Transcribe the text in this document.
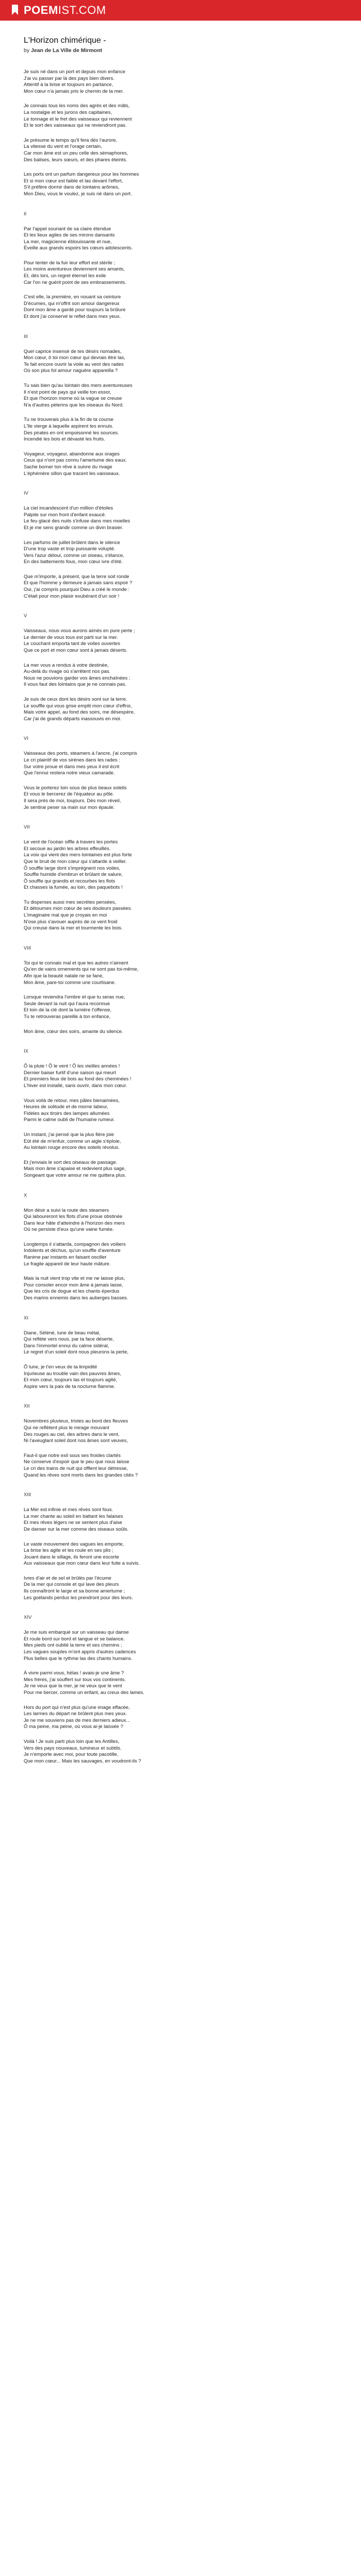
POEMIST.COM
L'Horizon chimérique -
by Jean de La Ville de Mirmont
Je suis né dans un port et depuis mon enfance
J'ai vu passer par là des pays bien divers.
Attentif à la brise et toujours en partance,
Mon cœur n'a jamais pris le chemin de la mer.
Je connais tous les noms des agrès et des mâts,
La nostalgie et les jurons des capitaines,
Le tonnage et le fret des vaisseaux qui reviennent
Et le sort des vaisseaux qui ne reviendront pas.
Je présume le temps qu'il fera dès l'aurore,
La vitesse du vent et l'orage certain,
Car mon âme est un peu celle des sémaphores,
Des balises, leurs sœurs, et des phares éteints.
Les ports ont un parfum dangereux pour les hommes
Et si mon cœur est faible et las devant l'effort,
S'il préfère dormir dans de lointains arômes,
Mon Dieu, vous le voulez, je suis né dans un port.
II
Par l'appel souriant de sa claire étendue
Et les lieux agiles de ses mirons dansants
La mer, magicienne éblouissante et nue,
Éveille aux grands espoirs les cœurs adolescents.
Pour tenter de la fuir leur effort est stérile ;
Les moins aventureux deviennent ses amants,
Et, dès lors, un regret éternel les exile
Car l'on ne guérit point de ses embrassements.
C'est elle, la première, en nouant sa ceinture
D'écumes, qui m'offrit son amour dangereux
Dont mon âme a gardé pour toujours la brûlure
Et dont j'ai conservé le reflet dans mes yeux.
III
Quel caprice insensé de tes désirs nomades,
Mon cœur, ô toi mon cœur qui devrais être las,
Te fait encore ouvrir la voile au vent des rades
Où son plus fol amour naguère appareilla ?
Tu sais bien qu'au lointain des mers aventureuses
Il n'est point de pays qui veille ton essor,
Et que l'horizon morne où la vague se creuse
N'a d'autres pèlerins que les oiseaux du Nord.
Tu ne trouverais plus à la fin de ta course
L'île vierge à laquelle aspirent tes ennuis.
Des pirates en ont empoisonné les sources.
Incendié les bois et dévasté les fruits.
Voyageur, voyageur, abandonne aux orages
Ceux qui n'ont pas connu l'amertume des eaux.
Sache borner ton rêve à suivre du rivage
L'éphémère sillon que tracent les vaisseaux.
IV
La ciel incandescent d'un million d'étoiles
Palpite sur mon front d'enfant exaucé.
Le feu glacé des nuits s'infuse dans mes moelles
Et je me sens grandir comme un divin brasier.
Les parfums de juillet brûlent dans le silence
D'une trop vaste et trop puissante volupté.
Vers l'azur déloui, comme un oiseau, s'élance,
En des battements fous, mon cœur ivre d'été.
Que m'importe, à présent, que la terre soit ronde
Et que l'homme y demeure à jamais sans espoir ?
Oui, j'ai compris pourquoi Dieu a créé le monde :
C'était pour mon plaisir exubérant d'un soir !
V
Vaisseaux, nous vous aurons aimés en pure perte ;
Le dernier de vous tous est parti sur la mer.
Le couchant emporta tant de voiles ouvertes
Que ce port et mon cœur sont à jamais déserts.
La mer vous a rendus à votre destinée,
Au-delà du rivage où s'arrêtent nos pas.
Nous ne pouvions garder vos âmes enchaînées ;
Il vous faut des lointains que je ne connais pas.
Je suis de ceux dont les désirs sont sur la terre.
Le souffle qui vous grise emplit mon cœur d'effroi,
Mais votre appel, au fond des soirs, me désespère,
Car j'ai de grands départs inassouvis en moi.
VI
Vaisseaux des ports, steamers à l'ancre, j'ai compris
Le cri plaintif de vos sirènes dans les rades :
Sur votre proue et dans mes yeux il est écrit
Que l'ennui restera notre vieux camarade.
Vous le porterez loin sous de plus beaux soleils
Et vous le bercerez de l'équateur au pôle.
Il sera près de moi, toujours. Dès mon réveil,
Je sentirai peser sa main sur mon épaule.
VII
Le vent de l'océan siffle à travers les portes
Et secoue au jardin les arbres effeuillés.
La voix qui vient des mers lointaines est plus forte
Que le bruit de mon cœur qui s'attarde à veiller.
Ô souffle large dont s'imprègnent nos voiles,
Souffle humide d'embrun et brûlant de salure,
Ô souffle qui grandis et recourbes les flots
Et chasses la fumée, au loin, des paquebots !
Tu disperses aussi mes secrètes pensées,
Et détournes mon cœur de ses douleurs passées.
L'imaginaire mal que je croyais en moi
N'ose plus s'avouer auprès de ce vent froid
Qui creuse dans la mer et tourmente les bois.
VIII
Toi qui te connais mal et que les autres n'aiment
Qu'en de vains ornements qui ne sont pas toi-même,
Afin que la beauté natale ne se fane,
Mon âme, pare-toi comme une courtisane.
Lorsque reviendra l'ombre et que tu seras nue,
Seule devant la nuit qui t'aura reconnue
Et loin de la clé dont la lumière t'offense,
Tu te retrouveras pareille à ton enfance,
Mon âme, cœur des soirs, amante du silence.
IX
Ô la pluie ! Ô le vent ! Ô les vieilles années !
Dernier baiser furtif d'une saison qui meurt
Et premiers feux de bois au fond des cheminées !
L'hiver est installé, sans ouvrir, dans mon cœur.
Vous voilà de retour, mes pâles bienaimées,
Heures de solitude et de morne labeur,
Fidèles aux tiroirs des lampes allumées
Parmi le calme oubli de l'humaine rumeur.
Un instant, j'ai pensé que la plus fière joie
Eût été de m'enfuir, comme un aigle s'éploie,
Au lointain rouge encore des soleils révolus.
Et j'enviais le sort des oiseaux de passage.
Mais mon âme s'apaise et redevient plus sage,
Songeant que votre amour ne me quittera plus.
X
Mon désir a suivi la route des steamers
Qui laboureront les flots d'une proue obstinée
Dans leur hâte d'atteindre à l'horizon des mers
Où ne persiste d'eux qu'une vaine fumée.
Longtemps il s'attarda, compagnon des voiliers
Indolents et déchus, qu'un souffle d'aventure
Ranime par instants en faisant osciller
Le fragile appareil de leur haute mâture.
Mais la nuit vient trop vite et me ne laisse plus,
Pour consoler encor mon âme à jamais lasse,
Que les cris de dogue et les chants éperdus
Des marins ennemis dans les auberges basses.
XI
Diane, Séléné, lune de beau métal,
Qui reflète vers nous, par ta face déserte,
Dans l'immortel ennui du calme sidéral,
Le regret d'un soleil dont nous pleurons la perte,
Ô lune, je t'en veux de ta limpidité
Injurieuse au trouble vain des pauvres âmes,
Et mon cœur, toujours las et toujours agité,
Aspire vers la paix de ta nocturne flamme.
XII
Novembres pluvieux, tristes au bord des fleuves
Qui ne reflètent plus le mirage mouvant
Des rouges au ciel, des arbres dans le vent,
Ni l'aveuglant soleil dont nos âmes sont veuves,
Faut-il que notre exil sous ses froides clartés
Ne conserve d'espoir que le peu que nous laisse
Le cri des trains de nuit qui offlent leur détresse,
Quand les rêves sont morts dans les grandes cités ?
XIII
La Mer est infinie et mes rêves sont fous.
La mer chante au soleil en battant les falaises
Et mes rêves légers ne se sentent plus d'aise
De danser sur la mer comme des oiseaux soûls.
Le vaste mouvement des vagues les emporte,
La brise les agite et les roule en ses plis ;
Jouant dans le sillage, ils feront une escorte
Aux vaisseaux que mon cœur dans leur fuite a suivis.
Ivres d'air et de sel et brûlés par l'écume
De la mer qui console et qui lave des pleurs
Ils connaîtront le large et sa bonne amertume ;
Les goélands perdus les prendront pour des leurs.
XIV
Je me suis embarqué sur un vaisseau qui danse
Et roule bord sur bord et tangue et se balance.
Mes pieds ont oublié la terre et ses chemins ;
Les vagues souples m'ont appris d'autres cadences
Plus belles que le rythme las des chants humains.
À vivre parmi vous, hélas ! avais-je une âme ?
Mes frères, j'ai souffert sur tous vos continents.
Je ne veux que la mer, je ne veux que le vent
Pour me bercer, comme un enfant, au creux des lames.
Hors du port qui n'est plus qu'une image effacée,
Les larmes du départ ne brûlent plus mes yeux.
Je ne me souviens pas de mes derniers adieux...
Ô ma peine, ma peine, où vous ai-je laissée ?
Voilà ! Je suis parti plus loin que les Antilles,
Vers des pays nouveaux, lumineux et subtils.
Je n'emporte avec moi, pour toute pacotille,
Que mon cœur... Mais les sauvages, en voudront-ils ?
